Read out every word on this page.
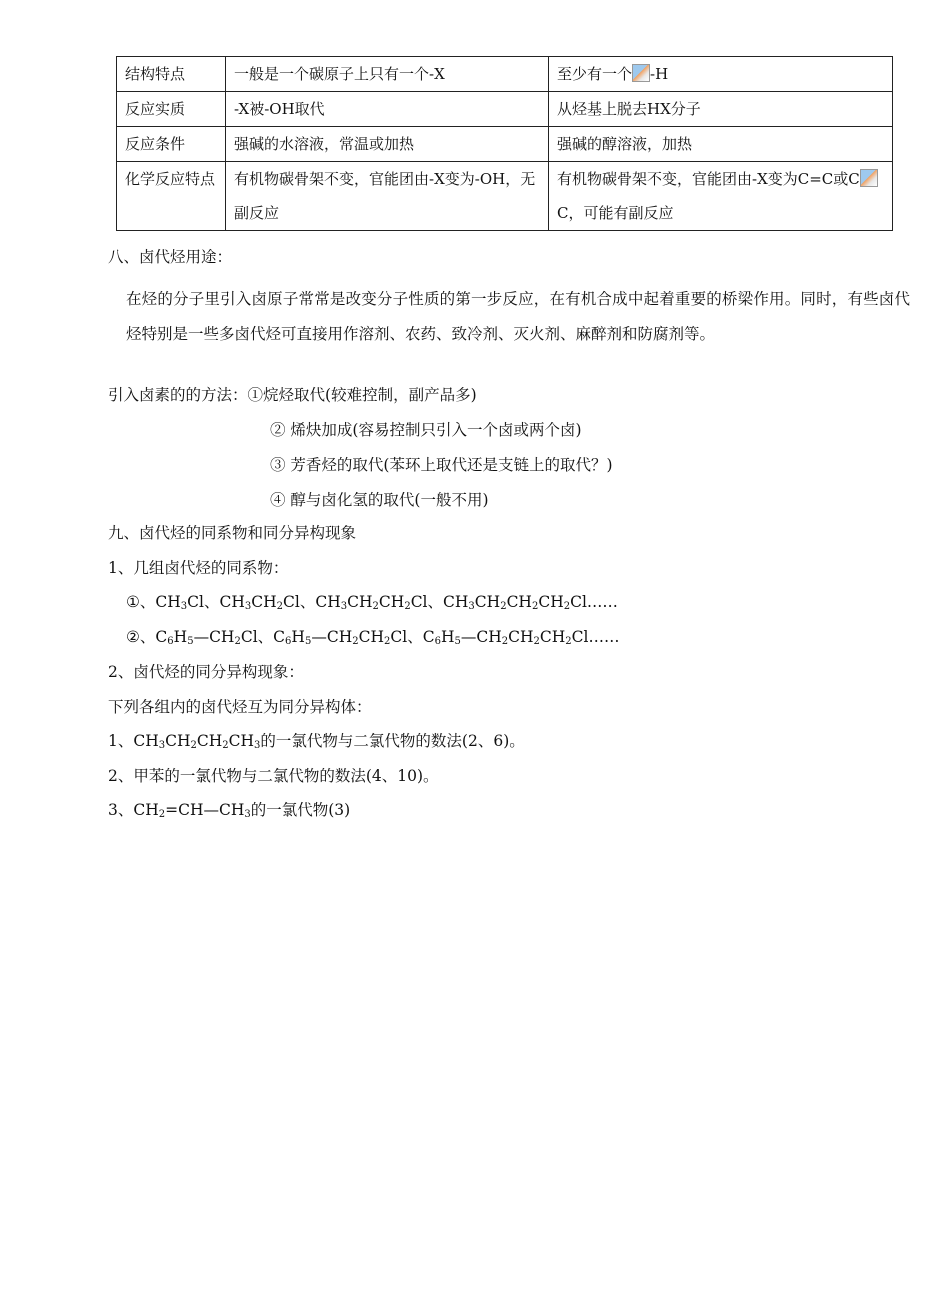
结构特点	一般是一个碳原子上只有一个-X	至少有一个 -H
反应实质	-X被-OH取代	从烃基上脱去HX分子
反应条件	强碱的水溶液，常温或加热	强碱的醇溶液，加热
化学反应特点	有机物碳骨架不变，官能团由-X变为-OH，无副反应	有机物碳骨架不变，官能团由-X变为C=C或CC，可能有副反应
八、卤代烃用途：
在烃的分子里引入卤原子常常是改变分子性质的第一步反应，在有机合成中起着重要的桥梁作用。同时，有些卤代烃特别是一些多卤代烃可直接用作溶剂、农药、致冷剂、灭火剂、麻醉剂和防腐剂等。
引入卤素的的方法：①烷烃取代(较难控制，副产品多)
② 烯炔加成(容易控制只引入一个卤或两个卤)
③ 芳香烃的取代(苯环上取代还是支链上的取代？)
④ 醇与卤化氢的取代(一般不用)
九、卤代烃的同系物和同分异构现象
1、几组卤代烃的同系物：
①、$CH_3Cl$、$CH_3CH_2Cl$、$CH_3CH_2CH_2Cl$、$CH_3CH_2CH_2CH_2Cl\dots\dots$
②、$C_6H_5—CH_2Cl$、$C_6H_5—CH_2CH_2Cl$、$C_6H_5—CH_2CH_2CH_2Cl\dots\dots$
2、卤代烃的同分异构现象：
下列各组内的卤代烃互为同分异构体：
1、$CH_3CH_2CH_2CH_3$的一氯代物与二氯代物的数法(2、6)。
2、甲苯的一氯代物与二氯代物的数法(4、10)。
3、$CH_2=CH—CH_3$的一氯代物(3)
